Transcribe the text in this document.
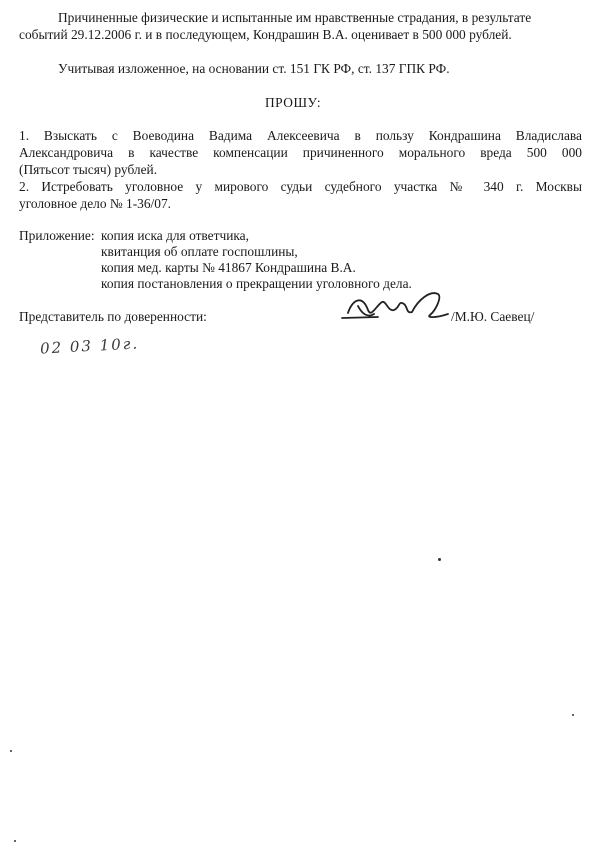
Причиненные физические и испытанные им нравственные страдания, в результате
событий 29.12.2006 г. и в последующем, Кондрашин В.А. оценивает в 500 000 рублей.
Учитывая изложенное, на основании ст. 151 ГК РФ, ст. 137 ГПК РФ.
ПРОШУ:
1. Взыскать с Воеводина Вадима Алексеевича в пользу Кондрашина Владислава
Александровича в качестве компенсации причиненного морального вреда 500 000
(Пятьсот тысяч) рублей.
2. Истребовать уголовное у мирового судьи судебного участка № 340 г. Москвы
уголовное дело № 1-36/07.
Приложение: копия иска для ответчика,
квитанция об оплате госпошлины,
копия мед. карты № 41867 Кондрашина В.А.
копия постановления о прекращении уголовного дела.
Представитель по доверенности:	/М.Ю. Саевец/
02 03 10г.
